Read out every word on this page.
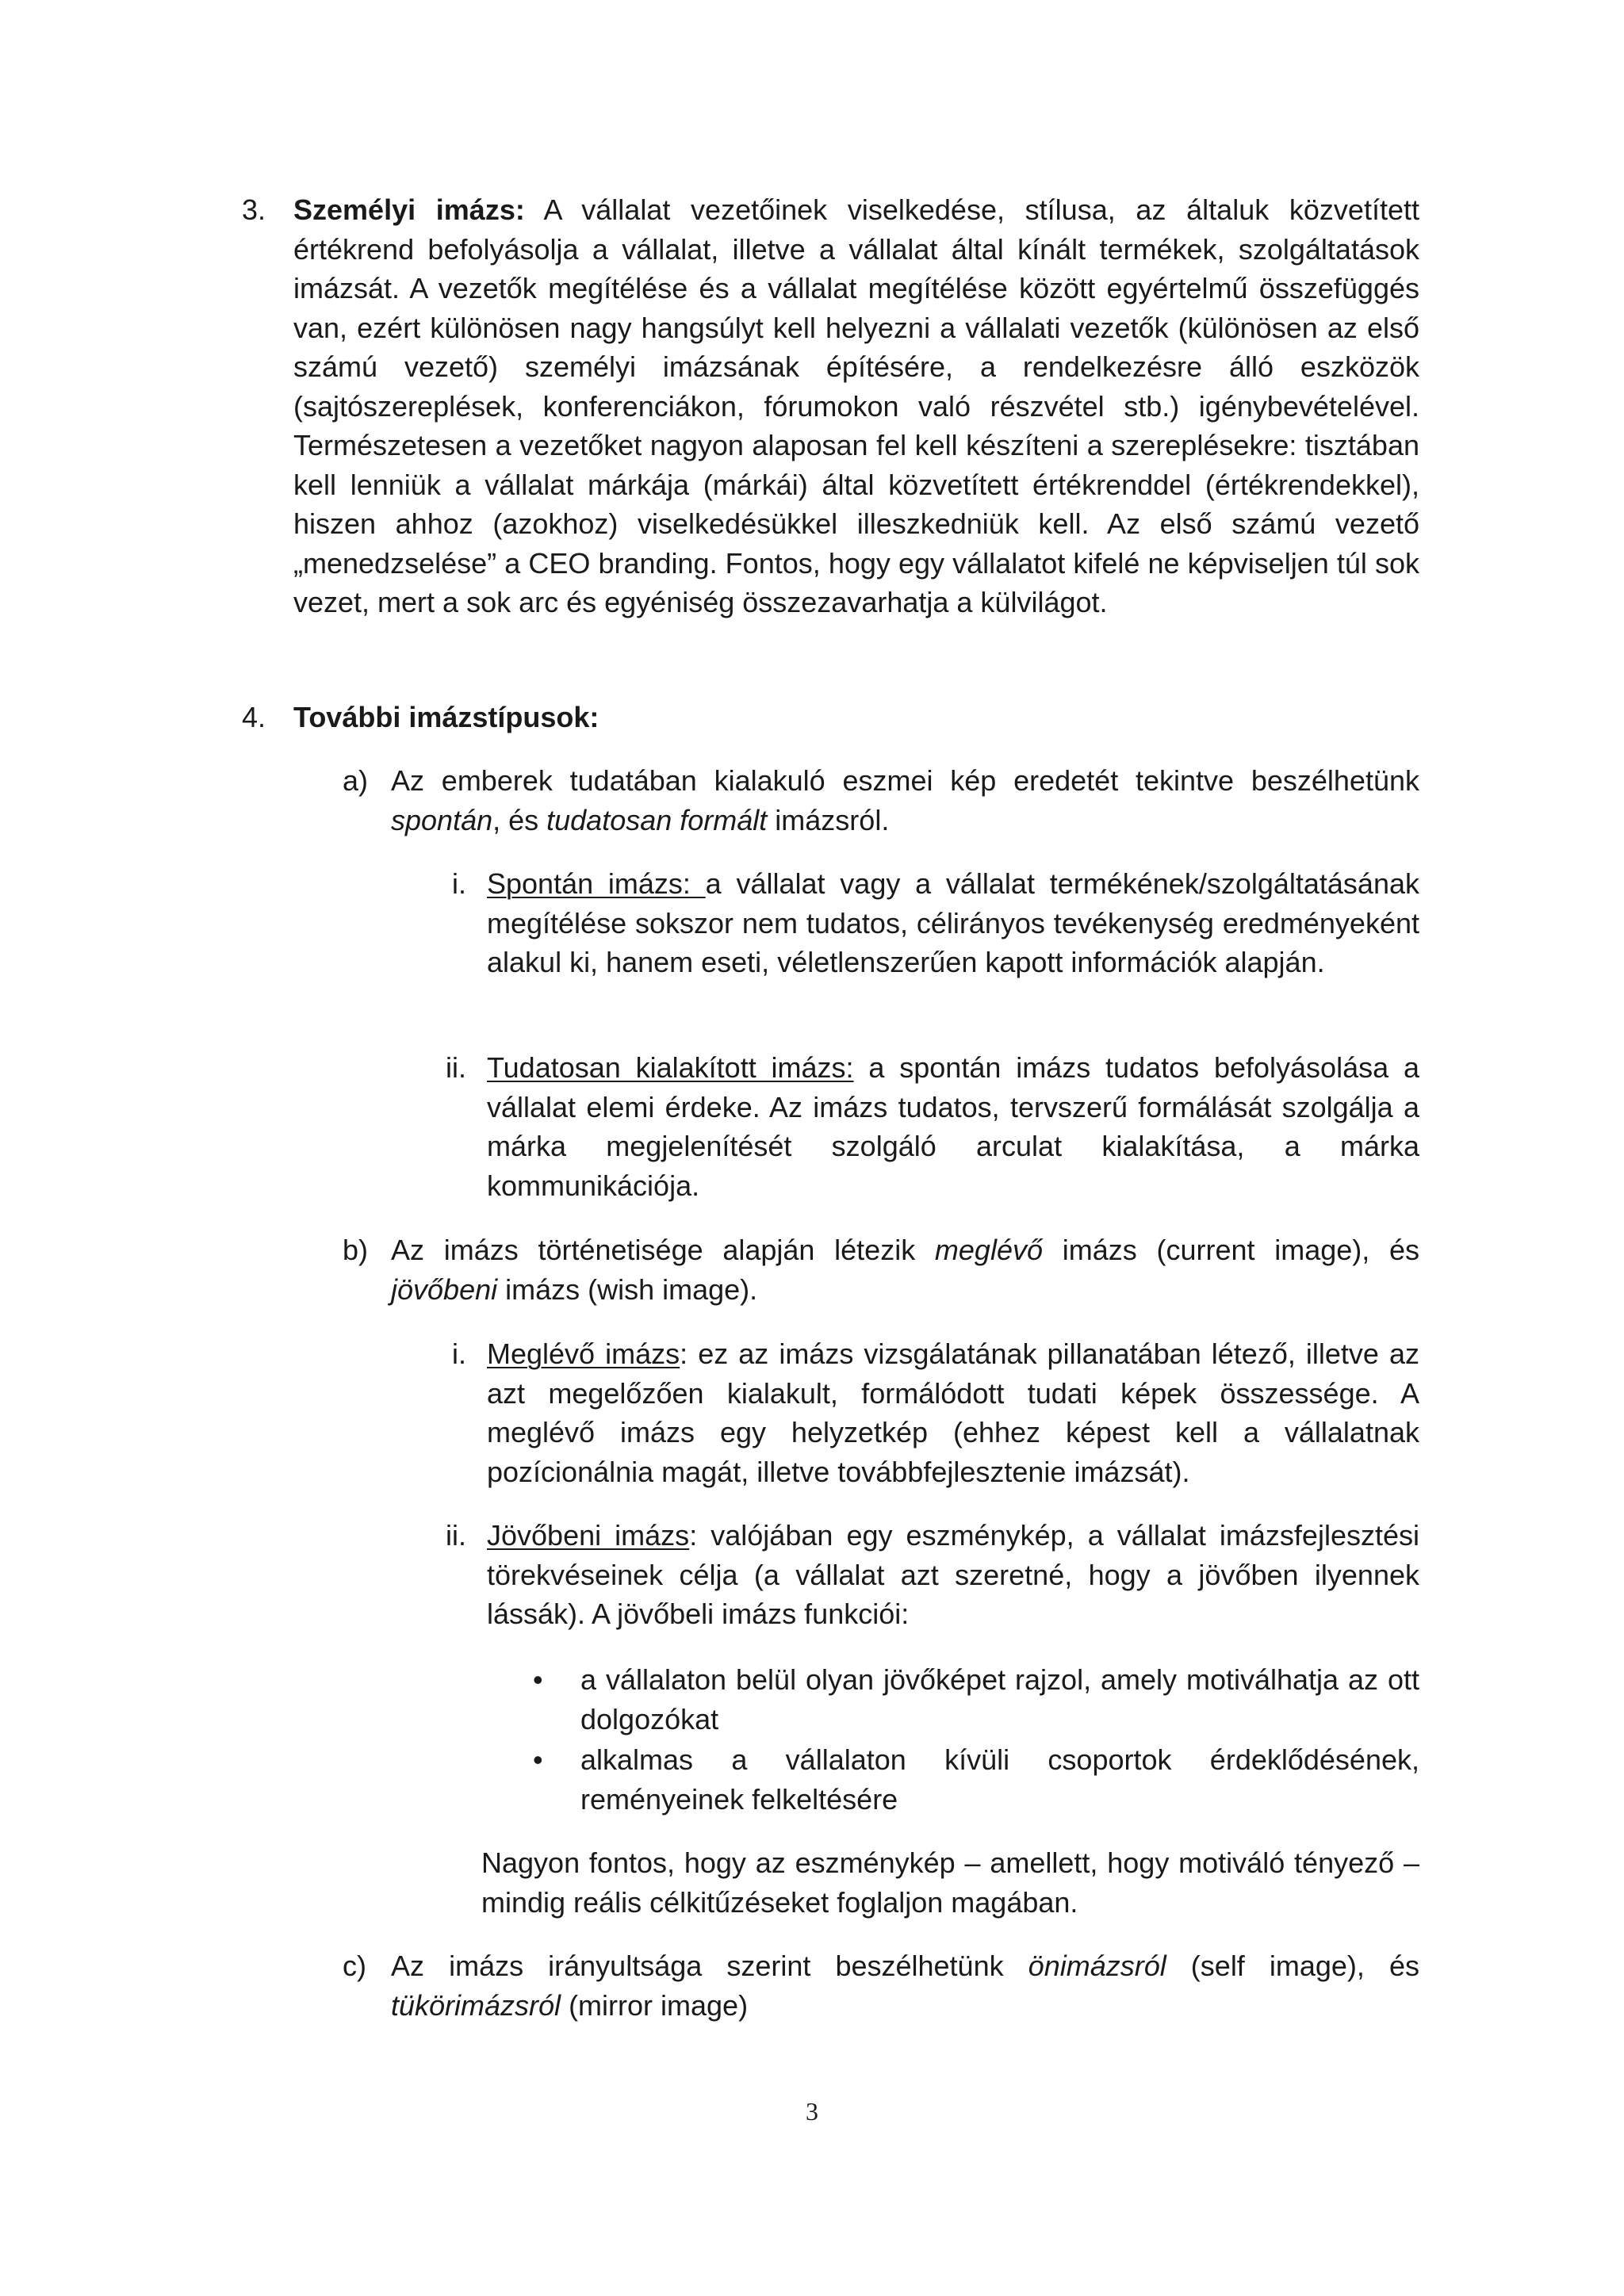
3. Személyi imázs: A vállalat vezetőinek viselkedése, stílusa, az általuk közvetített értékrend befolyásolja a vállalat, illetve a vállalat által kínált termékek, szolgáltatások imázsát. A vezetők megítélése és a vállalat megítélése között egyértelmű összefüggés van, ezért különösen nagy hangsúlyt kell helyezni a vállalati vezetők (különösen az első számú vezető) személyi imázsának építésére, a rendelkezésre álló eszközök (sajtószereplések, konferenciákon, fórumokon való részvétel stb.) igénybevételével. Természetesen a vezetőket nagyon alaposan fel kell készíteni a szereplésekre: tisztában kell lenniük a vállalat márkája (márkái) által közvetített értékrenddel (értékrendekkel), hiszen ahhoz (azokhoz) viselkedésükkel illeszkedniük kell. Az első számú vezető „menedzselése” a CEO branding. Fontos, hogy egy vállalatot kifelé ne képviseljen túl sok vezet, mert a sok arc és egyéniség összezavarhatja a külvilágot.

4. További imázstípusok:

a) Az emberek tudatában kialakuló eszmei kép eredetét tekintve beszélhetünk spontán, és tudatosan formált imázsról.

i. Spontán imázs: a vállalat vagy a vállalat termékének/szolgáltatásának megítélése sokszor nem tudatos, célirányos tevékenység eredményeként alakul ki, hanem eseti, véletlenszerűen kapott információk alapján.

ii. Tudatosan kialakított imázs: a spontán imázs tudatos befolyásolása a vállalat elemi érdeke. Az imázs tudatos, tervszerű formálását szolgálja a márka megjelenítését szolgáló arculat kialakítása, a márka kommunikációja.

b) Az imázs történetisége alapján létezik meglévő imázs (current image), és jövőbeni imázs (wish image).

i. Meglévő imázs: ez az imázs vizsgálatának pillanatában létező, illetve az azt megelőzően kialakult, formálódott tudati képek összessége. A meglévő imázs egy helyzetkép (ehhez képest kell a vállalatnak pozícionálnia magát, illetve továbbfejlesztenie imázsát).

ii. Jövőbeni imázs: valójában egy eszménykép, a vállalat imázsfejlesztési törekvéseinek célja (a vállalat azt szeretné, hogy a jövőben ilyennek lássák). A jövőbeli imázs funkciói:

• a vállalaton belül olyan jövőképet rajzol, amely motiválhatja az ott dolgozókat

• alkalmas a vállalaton kívüli csoportok érdeklődésének, reményeinek felkeltésére

Nagyon fontos, hogy az eszménykép – amellett, hogy motiváló tényező – mindig reális célkitűzéseket foglaljon magában.

c) Az imázs irányultsága szerint beszélhetünk önimázsról (self image), és tükörimázsról (mirror image)

3
